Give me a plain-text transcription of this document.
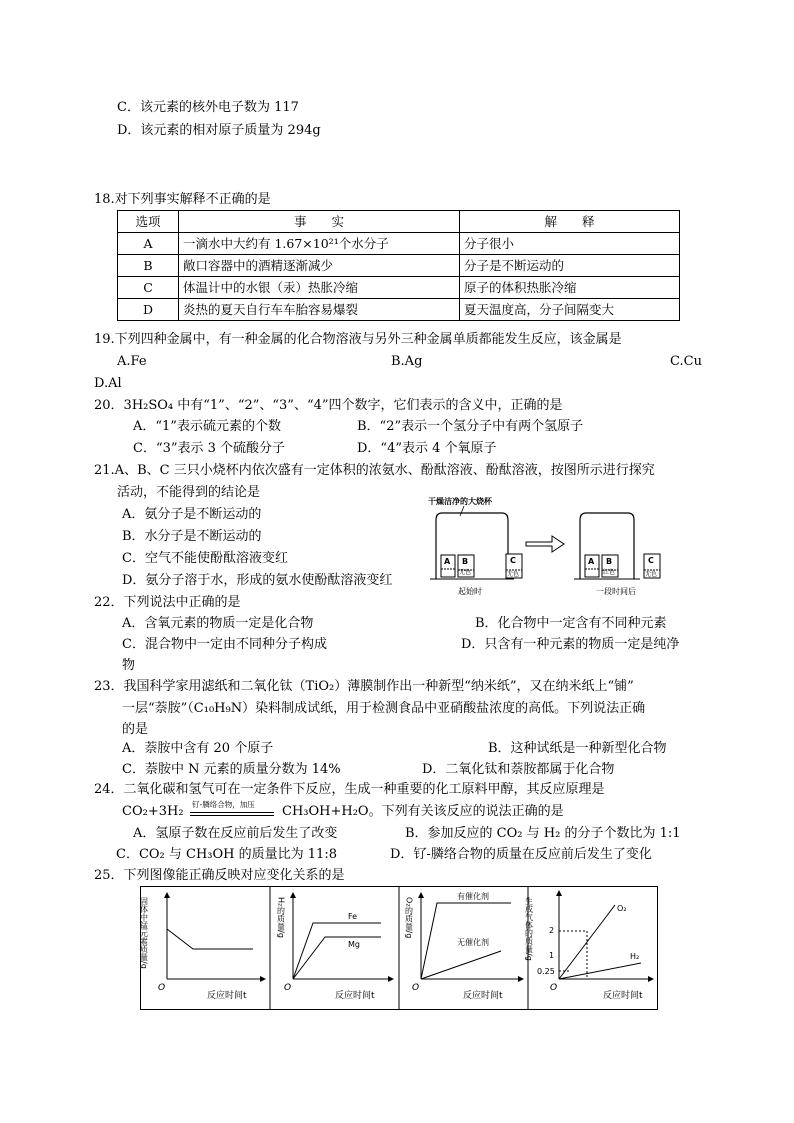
C．该元素的核外电子数为 117
D．该元素的相对原子质量为 294g
18.对下列事实解释不正确的是
选项	事　　实	解　　释
A	一滴水中大约有 1.67×10²¹个水分子	分子很小
B	敞口容器中的酒精逐渐减少	分子是不断运动的
C	体温计中的水银（汞）热胀冷缩	原子的体积热胀冷缩
D	炎热的夏天自行车车胎容易爆裂	夏天温度高，分子间隔变大
19.下列四种金属中，有一种金属的化合物溶液与另外三种金属单质都能发生反应，该金属是
A.Fe	B.Ag	C.Cu
D.Al
20．3H₂SO₄ 中有“1”、“2”、“3”、“4”四个数字，它们表示的含义中，正确的是
A．“1”表示硫元素的个数	B．“2”表示一个氢分子中有两个氢原子
C．“3”表示 3 个硫酸分子	D．“4”表示 4 个氧原子
21.A、B、C 三只小烧杯内依次盛有一定体积的浓氨水、酚酞溶液、酚酞溶液，按图所示进行探究
活动，不能得到的结论是
A．氨分子是不断运动的
B．水分子是不断运动的
C．空气不能使酚酞溶液变红
D．氨分子溶于水，形成的氨水使酚酞溶液变红
干燥洁净的大烧杯
A B
无色
C
无色
起始时
A B
红色
C
无色
一段时间后
22．下列说法中正确的是
A．含氧元素的物质一定是化合物	B．化合物中一定含有不同种元素
C．混合物中一定由不同种分子构成	D．只含有一种元素的物质一定是纯净
物
23．我国科学家用滤纸和二氧化钛（TiO₂）薄膜制作出一种新型“纳米纸”，又在纳米纸上“铺”
一层“萘胺”（C₁₀H₉N）染料制成试纸，用于检测食品中亚硝酸盐浓度的高低。下列说法正确
的是
A．萘胺中含有 20 个原子	B．这种试纸是一种新型化合物
C．萘胺中 N 元素的质量分数为 14%	D．二氧化钛和萘胺都属于化合物
24．二氧化碳和氢气可在一定条件下反应，生成一种重要的化工原料甲醇，其反应原理是
CO₂+3H₂ 钌-膦络合物，加压 CH₃OH+H₂O。下列有关该反应的说法正确的是
A．氢原子数在反应前后发生了改变	B．参加反应的 CO₂ 与 H₂ 的分子个数比为 1:1
C．CO₂ 与 CH₃OH 的质量比为 11:8	D．钌-膦络合物的质量在反应前后发生了变化
25．下列图像能正确反映对应变化关系的是
固体中锰元素质量/g
O
反应时间t
H₂的质量/g
O
反应时间t
Fe
Mg
O₂的质量/g
O
反应时间t
有催化剂
无催化剂	生成气体的质量/g
O
反应时间t
2
1
0.25
O₂
H₂
